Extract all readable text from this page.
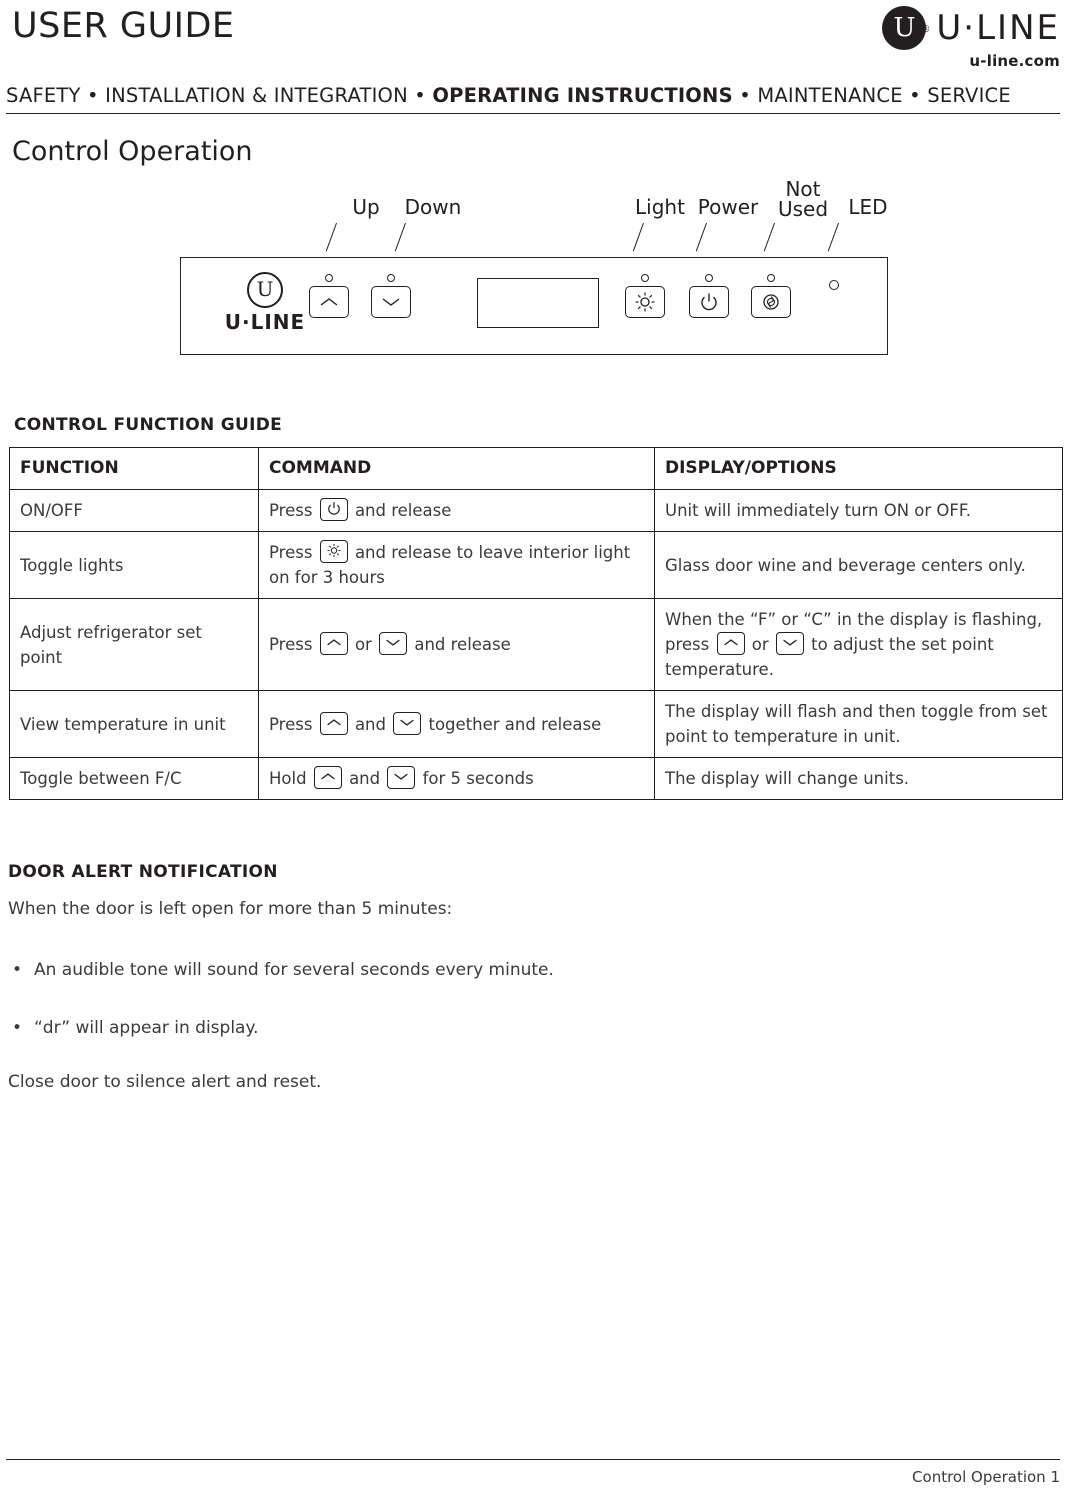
USER GUIDE	U ® U·LINE
u-line.com
SAFETY • INSTALLATION & INTEGRATION • OPERATING INSTRUCTIONS • MAINTENANCE • SERVICE
Control Operation
Up	Down	Light Power
Not
Used	LED
U
U·LINE
CONTROL FUNCTION GUIDE
FUNCTION	COMMAND	DISPLAY/OPTIONS
ON/OFF	Press and release	Unit will immediately turn ON or OFF.
Toggle lights	Press and release to leave interior light on for 3 hours	Glass door wine and beverage centers only.
Adjust refrigerator set point	Press or and release	When the “F” or “C” in the display is flashing, press or to adjust the set point temperature.
View temperature in unit	Press and together and release	The display will flash and then toggle from set point to temperature in unit.
Toggle between F/C	Hold and for 5 seconds	The display will change units.
DOOR ALERT NOTIFICATION
When the door is left open for more than 5 minutes:
• An audible tone will sound for several seconds every minute.
• “dr” will appear in display.
Close door to silence alert and reset.
Control Operation 1
